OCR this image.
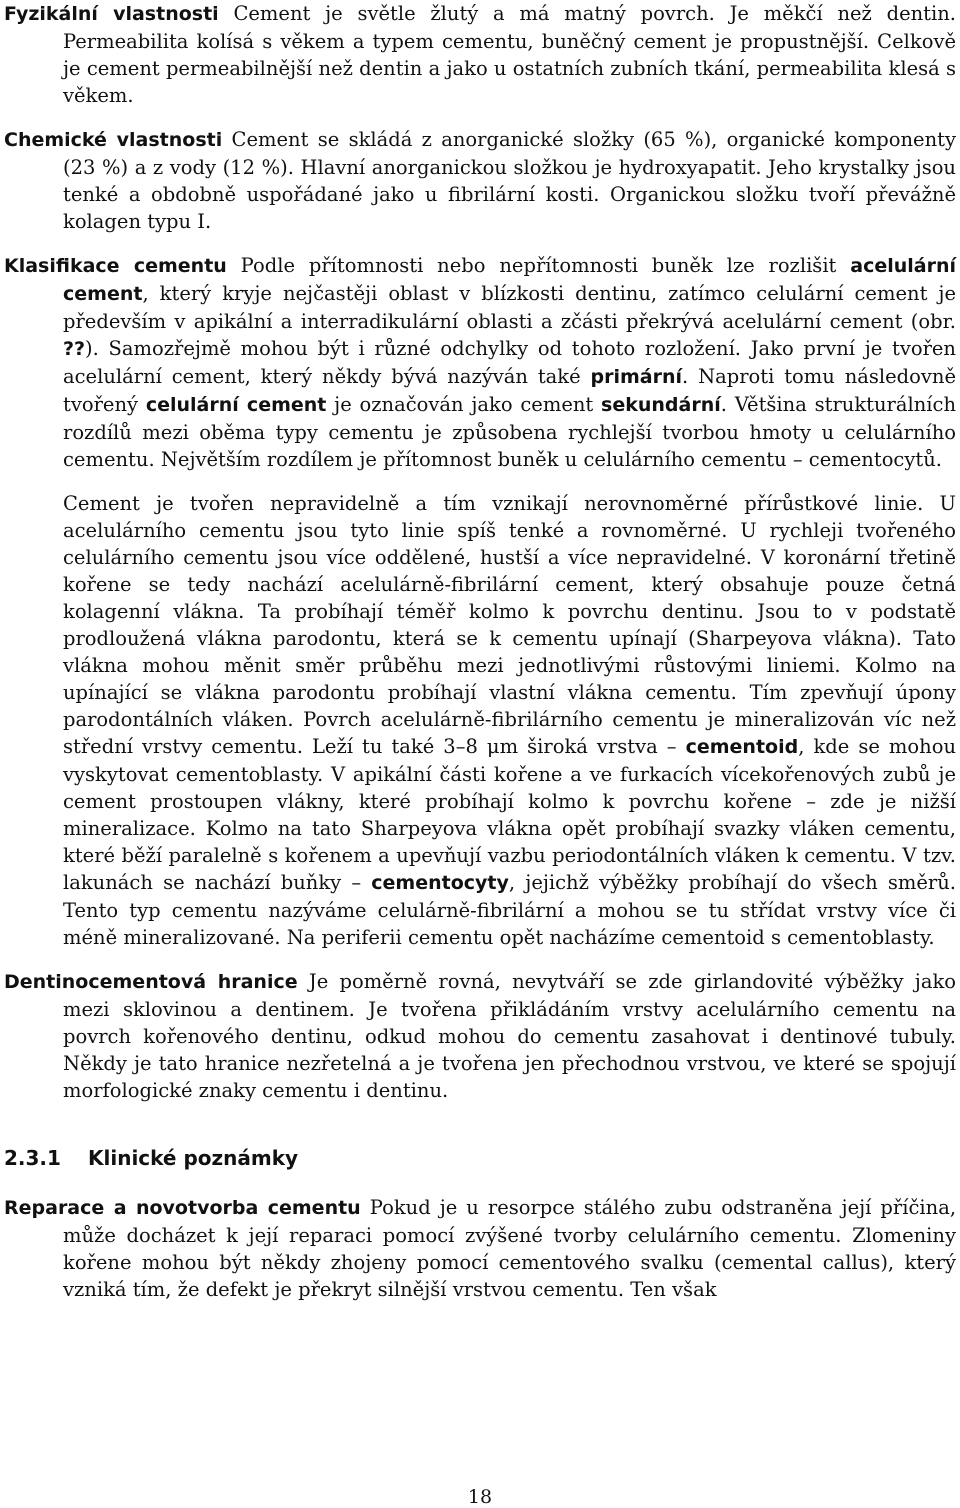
Fyzikální vlastnosti Cement je světle žlutý a má matný povrch. Je měkčí než dentin. Permeabilita kolísá s věkem a typem cementu, buněčný cement je propustnější. Celkově je cement permeabilnější než dentin a jako u ostatních zubních tkání, permeabilita klesá s věkem.

Chemické vlastnosti Cement se skládá z anorganické složky (65 %), organické komponenty (23 %) a z vody (12 %). Hlavní anorganickou složkou je hydroxyapatit. Jeho krystalky jsou tenké a obdobně uspořádané jako u fibrilární kosti. Organickou složku tvoří převážně kolagen typu I.

Klasifikace cementu Podle přítomnosti nebo nepřítomnosti buněk lze rozlišit acelulární cement, který kryje nejčastěji oblast v blízkosti dentinu, zatímco celulární cement je především v apikální a interradikulární oblasti a zčásti překrývá acelulární cement (obr. ??). Samozřejmě mohou být i různé odchylky od tohoto rozložení. Jako první je tvořen acelulární cement, který někdy bývá nazýván také primární. Naproti tomu následovně tvořený celulární cement je označován jako cement sekundární. Většina strukturálních rozdílů mezi oběma typy cementu je způsobena rychlejší tvorbou hmoty u celulárního cementu. Největším rozdílem je přítomnost buněk u celulárního cementu – cementocytů.

Cement je tvořen nepravidelně a tím vznikají nerovnoměrné přírůstkové linie. U acelulárního cementu jsou tyto linie spíš tenké a rovnoměrné. U rychleji tvořeného celulárního cementu jsou více oddělené, hustší a více nepravidelné. V koronární třetině kořene se tedy nachází acelulárně-fibrilární cement, který obsahuje pouze četná kolagenní vlákna. Ta probíhají téměř kolmo k povrchu dentinu. Jsou to v podstatě prodloužená vlákna parodontu, která se k cementu upínají (Sharpeyova vlákna). Tato vlákna mohou měnit směr průběhu mezi jednotlivými růstovými liniemi. Kolmo na upínající se vlákna parodontu probíhají vlastní vlákna cementu. Tím zpevňují úpony parodontálních vláken. Povrch acelulárně-fibrilárního cementu je mineralizován víc než střední vrstvy cementu. Leží tu také 3–8 μm široká vrstva – cementoid, kde se mohou vyskytovat cementoblasty. V apikální části kořene a ve furkacích vícekořenových zubů je cement prostoupen vlákny, které probíhají kolmo k povrchu kořene – zde je nižší mineralizace. Kolmo na tato Sharpeyova vlákna opět probíhají svazky vláken cementu, které běží paralelně s kořenem a upevňují vazbu periodontálních vláken k cementu. V tzv. lakunách se nachází buňky – cementocyty, jejichž výběžky probíhají do všech směrů. Tento typ cementu nazýváme celulárně-fibrilární a mohou se tu střídat vrstvy více či méně mineralizované. Na periferii cementu opět nacházíme cementoid s cementoblasty.

Dentinocementová hranice Je poměrně rovná, nevytváří se zde girlandovité výběžky jako mezi sklovinou a dentinem. Je tvořena přikládáním vrstvy acelulárního cementu na povrch kořenového dentinu, odkud mohou do cementu zasahovat i dentinové tubuly. Někdy je tato hranice nezřetelná a je tvořena jen přechodnou vrstvou, ve které se spojují morfologické znaky cementu i dentinu.

2.3.1 Klinické poznámky

Reparace a novotvorba cementu Pokud je u resorpce stálého zubu odstraněna její příčina, může docházet k její reparaci pomocí zvýšené tvorby celulárního cementu. Zlomeniny kořene mohou být někdy zhojeny pomocí cementového svalku (cemental callus), který vzniká tím, že defekt je překryt silnější vrstvou cementu. Ten však

18
